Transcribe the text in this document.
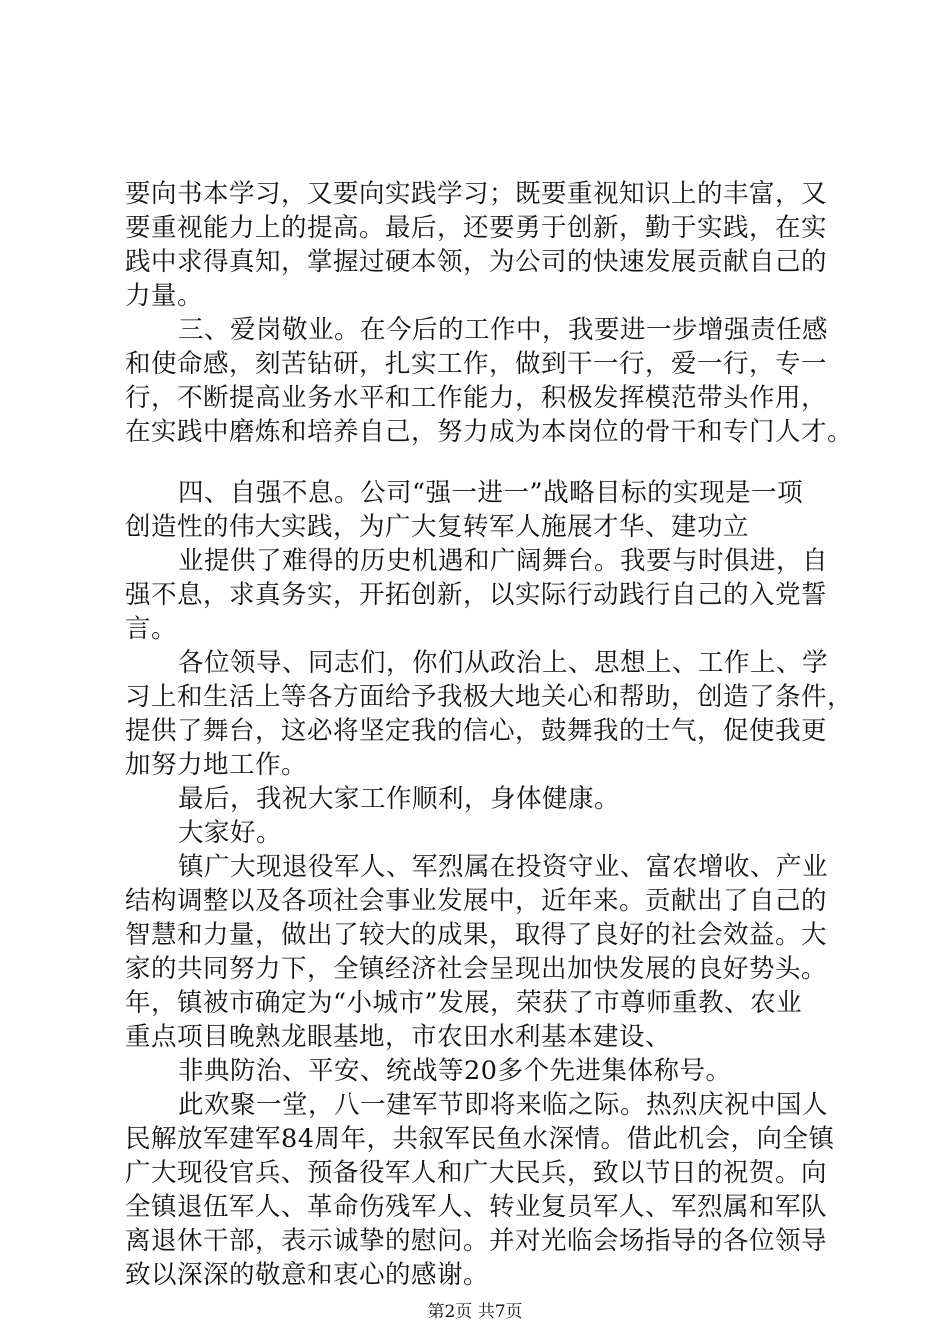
要向书本学习，又要向实践学习；既要重视知识上的丰富，又
要重视能力上的提高。最后，还要勇于创新，勤于实践，在实
践中求得真知，掌握过硬本领，为公司的快速发展贡献自己的
力量。
三、爱岗敬业。在今后的工作中，我要进一步增强责任感
和使命感，刻苦钻研，扎实工作，做到干一行，爱一行，专一
行，不断提高业务水平和工作能力，积极发挥模范带头作用，
在实践中磨炼和培养自己，努力成为本岗位的骨干和专门人才。
四、自强不息。公司“强一进一”战略目标的实现是一项
创造性的伟大实践，为广大复转军人施展才华、建功立
业提供了难得的历史机遇和广阔舞台。我要与时俱进，自
强不息，求真务实，开拓创新，以实际行动践行自己的入党誓
言。
各位领导、同志们，你们从政治上、思想上、工作上、学
习上和生活上等各方面给予我极大地关心和帮助，创造了条件，
提供了舞台，这必将坚定我的信心，鼓舞我的士气，促使我更
加努力地工作。
最后，我祝大家工作顺利，身体健康。
大家好。
镇广大现退役军人、军烈属在投资守业、富农增收、产业
结构调整以及各项社会事业发展中，近年来。贡献出了自己的
智慧和力量，做出了较大的成果，取得了良好的社会效益。大
家的共同努力下，全镇经济社会呈现出加快发展的良好势头。
年，镇被市确定为“小城市”发展，荣获了市尊师重教、农业
重点项目晚熟龙眼基地，市农田水利基本建设、
非典防治、平安、统战等20多个先进集体称号。
此欢聚一堂，八一建军节即将来临之际。热烈庆祝中国人
民解放军建军84周年，共叙军民鱼水深情。借此机会，向全镇
广大现役官兵、预备役军人和广大民兵，致以节日的祝贺。向
全镇退伍军人、革命伤残军人、转业复员军人、军烈属和军队
离退休干部，表示诚挚的慰问。并对光临会场指导的各位领导
致以深深的敬意和衷心的感谢。
第2页 共7页
